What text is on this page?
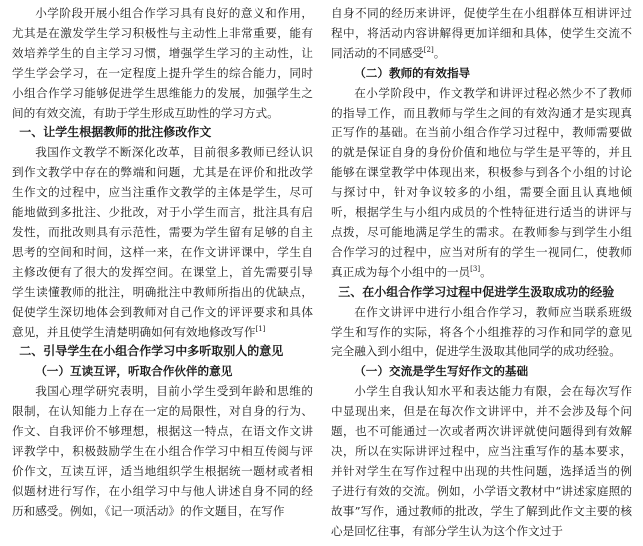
小学阶段开展小组合作学习具有良好的意义和作用，尤其是在激发学生学习积极性与主动性上非常重要，能有效培养学生的自主学习习惯，增强学生学习的主动性，让学生学会学习，在一定程度上提升学生的综合能力，同时小组合作学习能够促进学生思维能力的发展，加强学生之间的有效交流，有助于学生形成互助性的学习方式。

一、让学生根据教师的批注修改作文

我国作文教学不断深化改革，目前很多教师已经认识到作文教学中存在的弊端和问题，尤其是在评价和批改学生作文的过程中，应当注重作文教学的主体是学生，尽可能地做到多批注、少批改，对于小学生而言，批注具有启发性，而批改则具有示范性，需要为学生留有足够的自主思考的空间和时间，这样一来，在作文讲评课中，学生自主修改便有了很大的发挥空间。在课堂上，首先需要引导学生读懂教师的批注，明确批注中教师所指出的优缺点，促使学生深切地体会到教师对自己作文的评评要求和具体意见，并且使学生清楚明确如何有效地修改写作[1]

二、引导学生在小组合作学习中多听取别人的意见
（一）互读互评，听取合作伙伴的意见

我国心理学研究表明，目前小学生受到年龄和思维的限制，在认知能力上存在一定的局限性，对自身的行为、作文、自我评价不够理想，根据这一特点，在语文作文讲评教学中，积极鼓励学生在小组合作学习中相互传阅与评价作文，互读互评，适当地组织学生根据统一题材或者相似题材进行写作，在小组学习中与他人讲述自身不同的经历和感受。例如，《记一项活动》的作文题目，在写作

自身不同的经历来讲评，促使学生在小组群体互相讲评过程中，将活动内容讲解得更加详细和具体，使学生交流不同活动的不同感受[2]。

（二）教师的有效指导

在小学阶段中，作文教学和讲评过程必然少不了教师的指导工作，而且教师与学生之间的有效沟通才是实现真正写作的基础。在当前小组合作学习过程中，教师需要做的就是保证自身的身份价值和地位与学生是平等的，并且能够在课堂教学中体现出来，积极参与到各个小组的讨论与探讨中，针对争议较多的小组，需要全面且认真地倾听，根据学生与小组内成员的个性特征进行适当的讲评与点拨，尽可能地满足学生的需求。在教师参与到学生小组合作学习的过程中，应当对所有的学生一视同仁，使教师真正成为每个小组中的一员[3]。

三、在小组合作学习过程中促进学生汲取成功的经验

在作文讲评中进行小组合作学习，教师应当联系班级学生和写作的实际，将各个小组推荐的习作和同学的意见完全融入到小组中，促进学生汲取其他同学的成功经验。

（一）交流是学生写好作文的基础

小学生自我认知水平和表达能力有限，会在每次写作中显现出来，但是在每次作文讲评中，并不会涉及每个问题，也不可能通过一次或者两次讲评就使问题得到有效解决，所以在实际讲评过程中，应当注重写作的基本要求，并针对学生在写作过程中出现的共性问题，选择适当的例子进行有效的交流。例如，小学语文教材中“讲述家庭照的故事”写作，通过教师的批改，学生了解到此作文主要的核心是回忆往事，有部分学生认为这个作文过于
